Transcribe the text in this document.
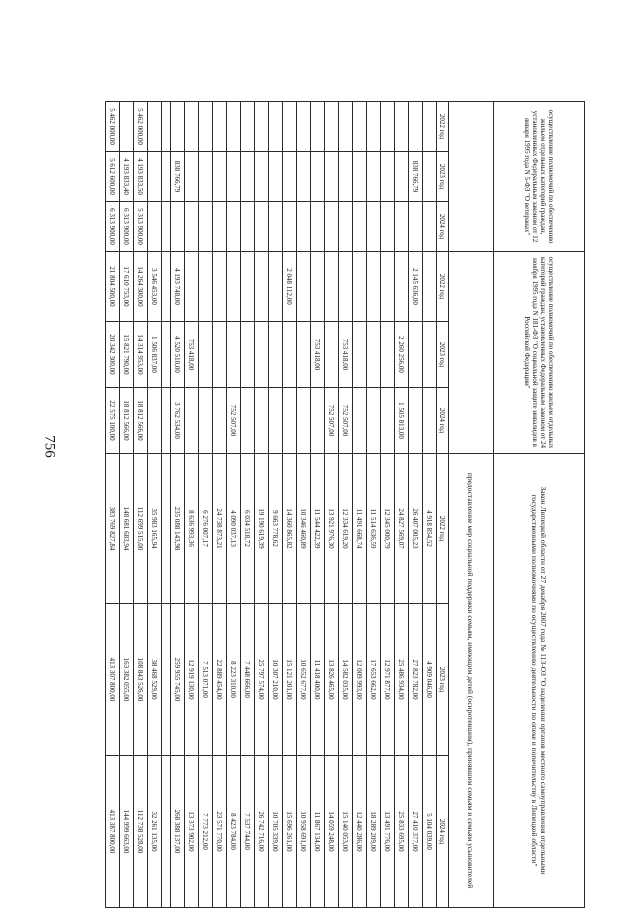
756
осуществление полномочий по обеспечению жильем отдельных категорий граждан, установленных Федеральным законом от 12 января 1995 года N 5-ФЗ "О ветеранах"			осуществление полномочий по обеспечению жильем отдельных категорий граждан, установленных Федеральным законом от 24 ноября 1995 года N 181-ФЗ "О социальной защите инвалидов в Российской Федерации"			Закон Липецкой области от 27 декабря 2007 года № 113-ОЗ "О наделении органов местного самоуправления отдельными государственными полномочиями по осуществлению деятельности по опеке и попечительству в Липецкой области"		
						предоставление мер социальной поддержки семьям, имеющим детей (осиротевшим), принявшим семьям и семьям усыновителей		
2022 год	2023 год	2024 год	2022 год	2023 год	2024 год	2022 год	2023 год	2024 год
						4 918 854,52	4 909 046,00	5 104 039,00
	838 766,79		2 145 636,00			26 407 005,23	27 823 782,00	27 410 377,00
				2 260 256,00	1 505 813,00	24 827 569,07	25 486 934,00	25 833 695,00
						12 345 000,79	12 971 877,00	13 491 776,00
						11 514 636,59	17 653 662,00	18 289 209,00
						11 491 668,74	12 009 993,00	12 440 286,00
				753 418,00	752 507,00	12 334 619,20	14 582 035,00	15 140 053,00
					752 507,00	13 921 976,30	13 826 465,00	14 059 248,00
				753 418,00		11 544 422,39	11 418 400,00	11 867 134,00
						10 346 460,89	10 652 677,00	10 958 691,00
			2 048 112,00			14 360 865,82	15 121 201,00	15 696 261,00
						9 663 778,62	10 307 210,00	10 705 339,00
						19 190 619,39	25 797 574,00	26 742 716,00
						6 034 518,72	7 448 666,00	7 537 744,00
					752 507,00	4 090 037,13	8 223 310,00	8 423 784,00
						24 738 873,21	22 889 454,00	23 571 770,00
						6 276 007,17	7 513 071,00	7 773 212,00
				753 418,00		8 636 993,36	12 919 130,00	13 373 902,00
	838 766,79		4 193 748,00	4 520 510,00	3 762 534,00	235 088 143,98	259 955 745,00	268 388 137,00

			3 546 453,00	1 506 837,00		35 983 165,94	38 468 529,00	32 261 135,00
5 462 000,00	4 193 833,50	5 313 900,00	14 264 300,00	14 314 953,00	18 812 566,00	112 699 515,00	108 843 526,00	112 738 528,00
	4 193 833,40	6 313 900,00	17 610 753,00	15 821 790,00	18 812 566,00	148 681 683,94	163 382 055,00	144 999 663,00
5 462 000,00	5 612 600,00	6 313 900,00	21 804 500,00	20 342 300,00	22 575 100,00	383 769 827,84	413 307 800,00	413 387 800,00
